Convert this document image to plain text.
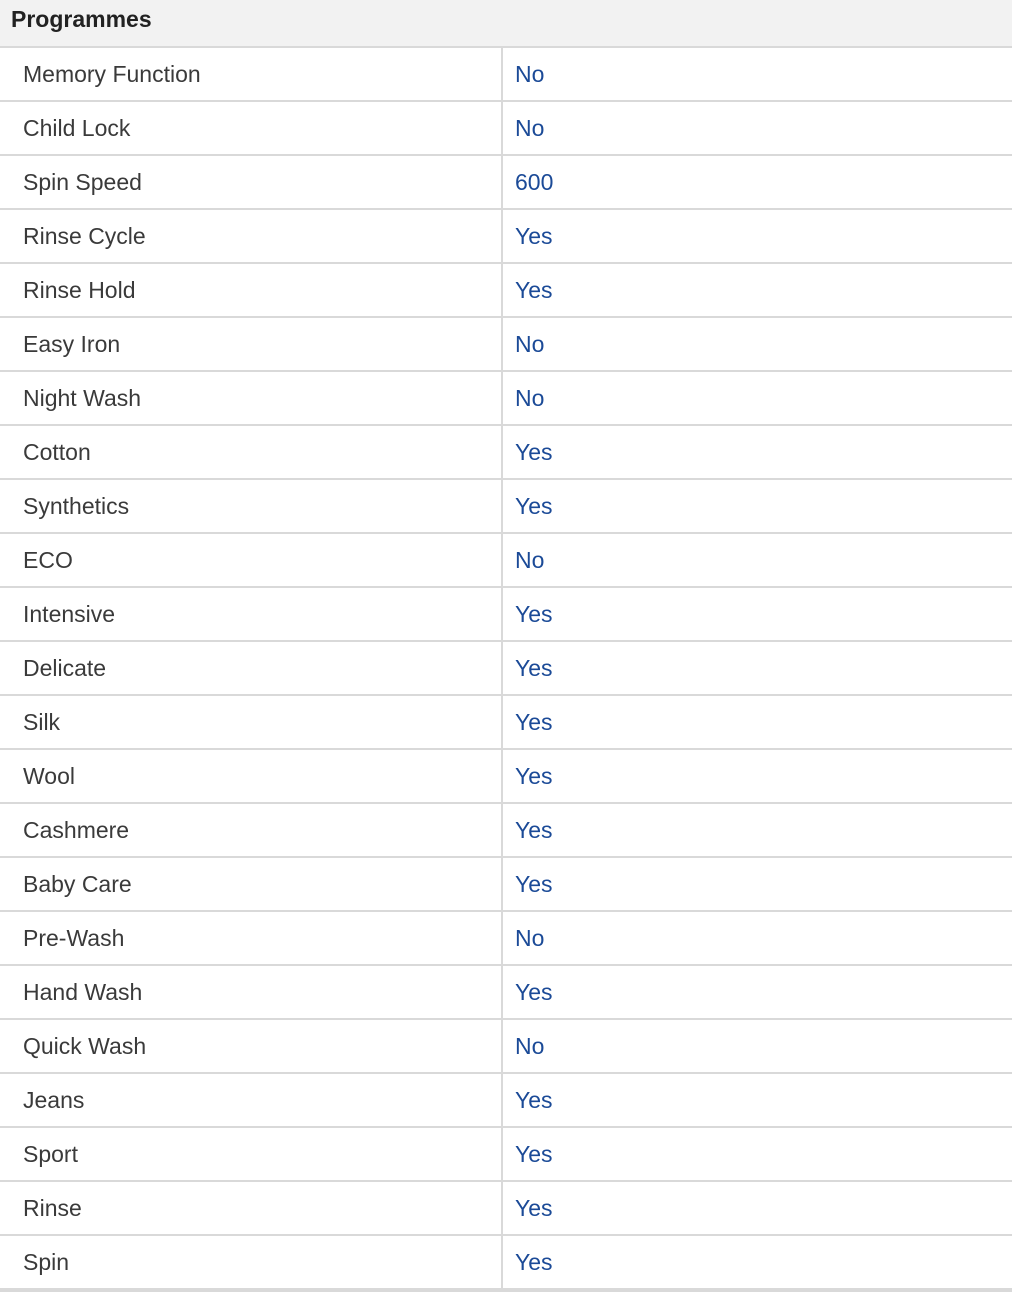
Programmes
Memory Function	No
Child Lock	No
Spin Speed	600
Rinse Cycle	Yes
Rinse Hold	Yes
Easy Iron	No
Night Wash	No
Cotton	Yes
Synthetics	Yes
ECO	No
Intensive	Yes
Delicate	Yes
Silk	Yes
Wool	Yes
Cashmere	Yes
Baby Care	Yes
Pre-Wash	No
Hand Wash	Yes
Quick Wash	No
Jeans	Yes
Sport	Yes
Rinse	Yes
Spin	Yes
